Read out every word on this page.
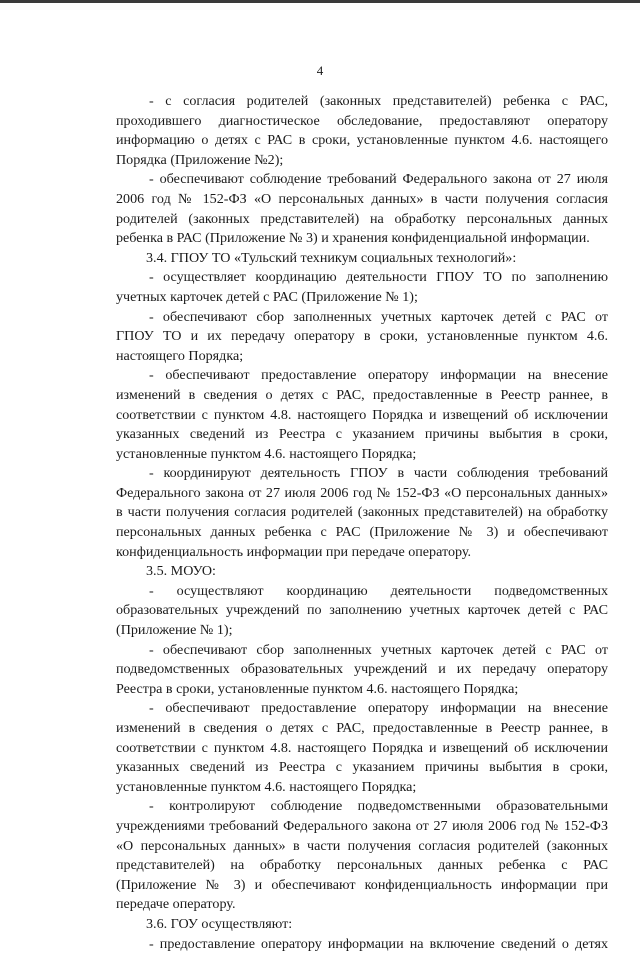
4
- с согласия родителей (законных представителей) ребенка с РАС,
проходившего диагностическое обследование, предоставляют оператору
информацию о детях с РАС в сроки, установленные пунктом 4.6. настоящего
Порядка (Приложение №2);
- обеспечивают соблюдение требований Федерального закона от 27 июля
2006 год № 152-ФЗ «О персональных данных» в части получения согласия
родителей (законных представителей) на обработку персональных данных
ребенка в РАС (Приложение № 3) и хранения конфиденциальной информации.
3.4. ГПОУ ТО «Тульский техникум социальных технологий»:
- осуществляет координацию деятельности ГПОУ ТО по заполнению
учетных карточек детей с РАС (Приложение № 1);
- обеспечивают сбор заполненных учетных карточек детей с РАС от
ГПОУ ТО и их передачу оператору в сроки, установленные пунктом 4.6.
настоящего Порядка;
- обеспечивают предоставление оператору информации на внесение
изменений в сведения о детях с РАС, предоставленные в Реестр раннее, в
соответствии с пунктом 4.8. настоящего Порядка и извещений об исключении
указанных сведений из Реестра с указанием причины выбытия в сроки,
установленные пунктом 4.6. настоящего Порядка;
- координируют деятельность ГПОУ в части соблюдения требований
Федерального закона от 27 июля 2006 год № 152-ФЗ «О персональных данных»
в части получения согласия родителей (законных представителей) на обработку
персональных данных ребенка с РАС (Приложение № 3) и обеспечивают
конфиденциальность информации при передаче оператору.
3.5. МОУО:
- осуществляют координацию деятельности подведомственных
образовательных учреждений по заполнению учетных карточек детей с РАС
(Приложение № 1);
- обеспечивают сбор заполненных учетных карточек детей с РАС от
подведомственных образовательных учреждений и их передачу оператору
Реестра в сроки, установленные пунктом 4.6. настоящего Порядка;
- обеспечивают предоставление оператору информации на внесение
изменений в сведения о детях с РАС, предоставленные в Реестр раннее, в
соответствии с пунктом 4.8. настоящего Порядка и извещений об исключении
указанных сведений из Реестра с указанием причины выбытия в сроки,
установленные пунктом 4.6. настоящего Порядка;
- контролируют соблюдение подведомственными образовательными
учреждениями требований Федерального закона от 27 июля 2006 год № 152-ФЗ
«О персональных данных» в части получения согласия родителей (законных
представителей) на обработку персональных данных ребенка с РАС
(Приложение № 3) и обеспечивают конфиденциальность информации при
передаче оператору.
3.6. ГОУ осуществляют:
- предоставление оператору информации на включение сведений о детях
